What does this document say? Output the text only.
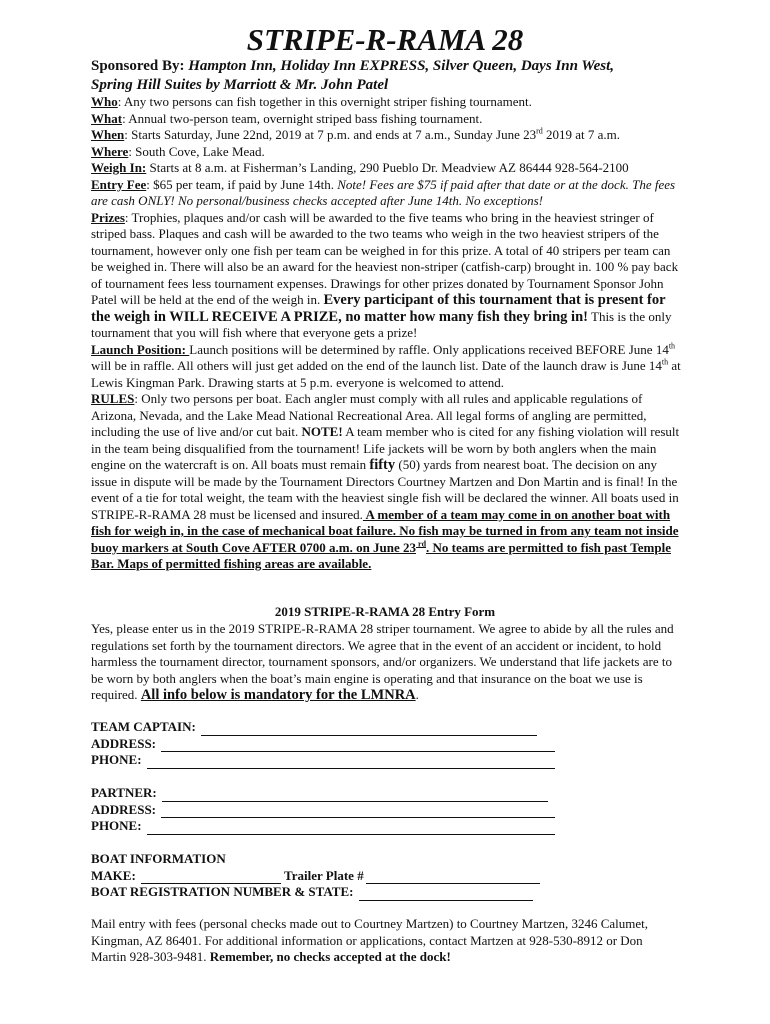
STRIPE-R-RAMA 28

Sponsored By: Hampton Inn, Holiday Inn EXPRESS, Silver Queen, Days Inn West,
Spring Hill Suites by Marriott & Mr. John Patel

Who: Any two persons can fish together in this overnight striper fishing tournament.

What: Annual two-person team, overnight striped bass fishing tournament.

When: Starts Saturday, June 22nd, 2019 at 7 p.m. and ends at 7 a.m., Sunday June 23rd 2019 at 7 a.m.

Where: South Cove, Lake Mead.

Weigh In: Starts at 8 a.m. at Fisherman’s Landing, 290 Pueblo Dr. Meadview AZ 86444 928-564-2100

Entry Fee: $65 per team, if paid by June 14th. Note! Fees are $75 if paid after that date or at the dock. The fees are cash ONLY! No personal/business checks accepted after June 14th. No exceptions!

Prizes: Trophies, plaques and/or cash will be awarded to the five teams who bring in the heaviest stringer of striped bass. Plaques and cash will be awarded to the two teams who weigh in the two heaviest stripers of the tournament, however only one fish per team can be weighed in for this prize. A total of 40 stripers per team can be weighed in. There will also be an award for the heaviest non-striper (catfish-carp) brought in. 100 % pay back of tournament fees less tournament expenses. Drawings for other prizes donated by Tournament Sponsor John Patel will be held at the end of the weigh in. Every participant of this tournament that is present for the weigh in WILL RECEIVE A PRIZE, no matter how many fish they bring in! This is the only tournament that you will fish where that everyone gets a prize!

Launch Position: Launch positions will be determined by raffle. Only applications received BEFORE June 14th will be in raffle. All others will just get added on the end of the launch list. Date of the launch draw is June 14th at Lewis Kingman Park. Drawing starts at 5 p.m. everyone is welcomed to attend.

RULES: Only two persons per boat. Each angler must comply with all rules and applicable regulations of Arizona, Nevada, and the Lake Mead National Recreational Area. All legal forms of angling are permitted, including the use of live and/or cut bait. NOTE! A team member who is cited for any fishing violation will result in the team being disqualified from the tournament! Life jackets will be worn by both anglers when the main engine on the watercraft is on. All boats must remain fifty (50) yards from nearest boat. The decision on any issue in dispute will be made by the Tournament Directors Courtney Martzen and Don Martin and is final! In the event of a tie for total weight, the team with the heaviest single fish will be declared the winner. All boats used in STRIPE-R-RAMA 28 must be licensed and insured. A member of a team may come in on another boat with fish for weigh in, in the case of mechanical boat failure. No fish may be turned in from any team not inside buoy markers at South Cove AFTER 0700 a.m. on June 23 $^{rd}$. No teams are permitted to fish past Temple Bar. Maps of permitted fishing areas are available.

2019 STRIPE-R-RAMA 28 Entry Form

Yes, please enter us in the 2019 STRIPE-R-RAMA 28 striper tournament. We agree to abide by all the rules and regulations set forth by the tournament directors. We agree that in the event of an accident or incident, to hold harmless the tournament director, tournament sponsors, and/or organizers. We understand that life jackets are to be worn by both anglers when the boat’s main engine is operating and that insurance on the boat we use is required. All info below is mandatory for the LMNRA.

TEAM CAPTAIN:
ADDRESS:
PHONE:
PARTNER:
ADDRESS:
PHONE:
BOAT INFORMATION
MAKE:	Trailer Plate #
BOAT REGISTRATION NUMBER & STATE:

Mail entry with fees (personal checks made out to Courtney Martzen) to Courtney Martzen, 3246 Calumet, Kingman, AZ 86401. For additional information or applications, contact Martzen at 928-530-8912 or Don Martin 928-303-9481. Remember, no checks accepted at the dock!
